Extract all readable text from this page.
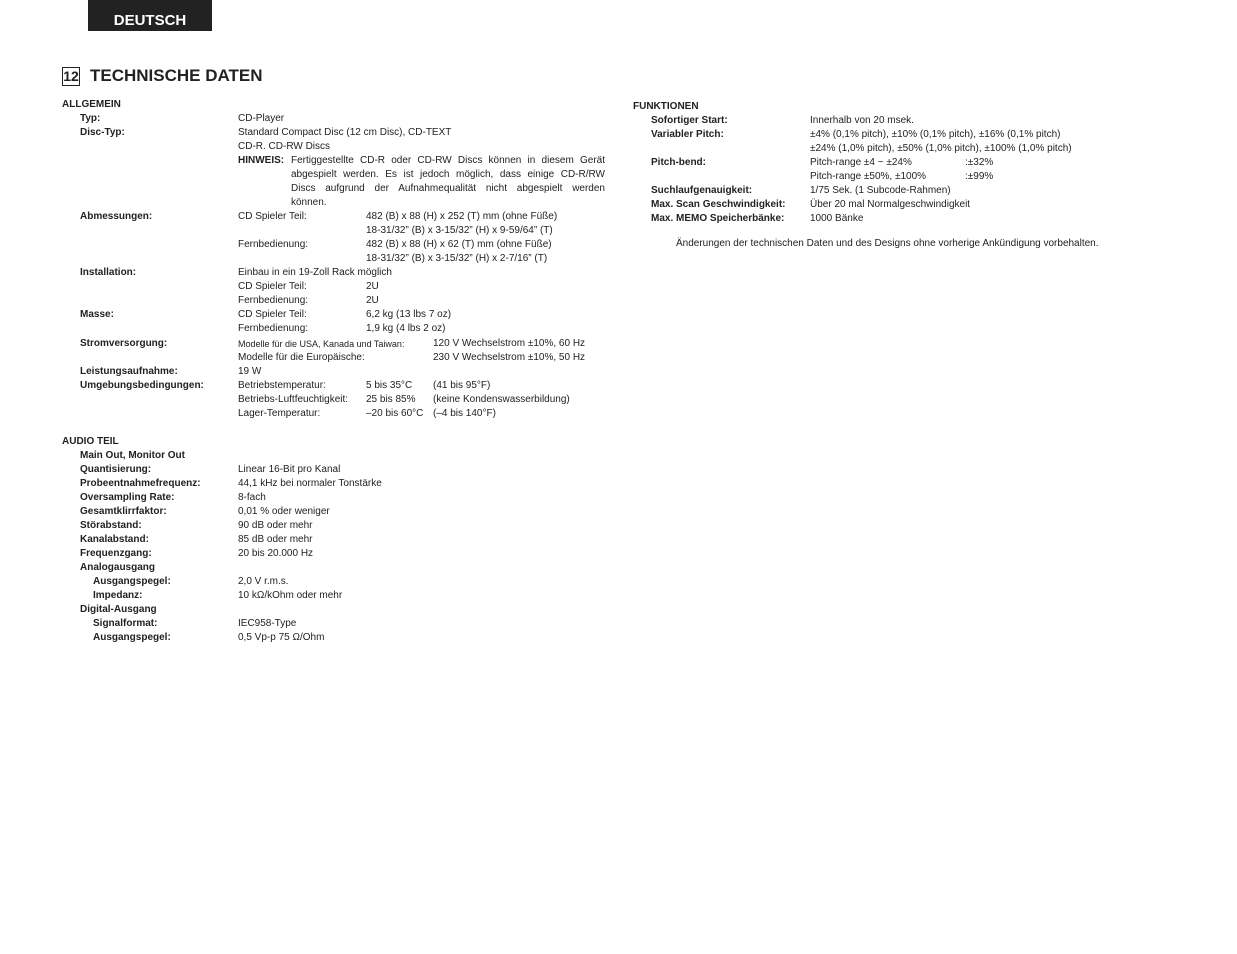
DEUTSCH
12 TECHNISCHE DATEN
ALLGEMEIN
Typ:	CD-Player
Disc-Typ:	Standard Compact Disc (12 cm Disc), CD-TEXT
CD-R. CD-RW Discs
HINWEIS: Fertiggestellte CD-R oder CD-RW Discs können in diesem Gerät
abgespielt werden. Es ist jedoch möglich, dass einige CD-R/RW
Discs aufgrund der Aufnahmequalität nicht abgespielt werden
können.
Abmessungen:	CD Spieler Teil:	482 (B) x 88 (H) x 252 (T) mm (ohne Füße)
18-31/32” (B) x 3-15/32” (H) x 9-59/64” (T)
Fernbedienung:	482 (B) x 88 (H) x 62 (T) mm (ohne Füße)
18-31/32” (B) x 3-15/32” (H) x 2-7/16” (T)
Installation:	Einbau in ein 19-Zoll Rack möglich
CD Spieler Teil:	2U
Fernbedienung:	2U
Masse:	CD Spieler Teil:	6,2 kg (13 lbs 7 oz)
Fernbedienung:	1,9 kg (4 lbs 2 oz)
Stromversorgung:	Modelle für die USA, Kanada und Taiwan:	120 V Wechselstrom ±10%, 60 Hz
Modelle für die Europäische:	230 V Wechselstrom ±10%, 50 Hz
Leistungsaufnahme:	19 W
Umgebungsbedingungen:	Betriebstemperatur:	5 bis 35°C (41 bis 95°F)
Betriebs-Luftfeuchtigkeit: 25 bis 85% (keine Kondenswasserbildung)
Lager-Temperatur:	–20 bis 60°C (–4 bis 140°F)
AUDIO TEIL
Main Out, Monitor Out
Quantisierung:	Linear 16-Bit pro Kanal
Probeentnahmefrequenz:	44,1 kHz bei normaler Tonstärke
Oversampling Rate:	8-fach
Gesamtklirrfaktor:	0,01 % oder weniger
Störabstand:	90 dB oder mehr
Kanalabstand:	85 dB oder mehr
Frequenzgang:	20 bis 20.000 Hz
Analogausgang
Ausgangspegel:	2,0 V r.m.s.
Impedanz:	10 kΩ/kOhm oder mehr
Digital-Ausgang
Signalformat:	IEC958-Type
Ausgangspegel:	0,5 Vp-p 75 Ω/Ohm
FUNKTIONEN
Sofortiger Start:	Innerhalb von 20 msek.
Variabler Pitch:	±4% (0,1% pitch), ±10% (0,1% pitch), ±16% (0,1% pitch)
±24% (1,0% pitch), ±50% (1,0% pitch), ±100% (1,0% pitch)
Pitch-bend:	Pitch-range ±4 ~ ±24%	:±32%
Pitch-range ±50%, ±100%	:±99%
Suchlaufgenauigkeit:	1/75 Sek. (1 Subcode-Rahmen)
Max. Scan Geschwindigkeit: Über 20 mal Normalgeschwindigkeit
Max. MEMO Speicherbänke:	1000 Bänke
Änderungen der technischen Daten und des Designs ohne vorherige Ankündigung vorbehalten.
